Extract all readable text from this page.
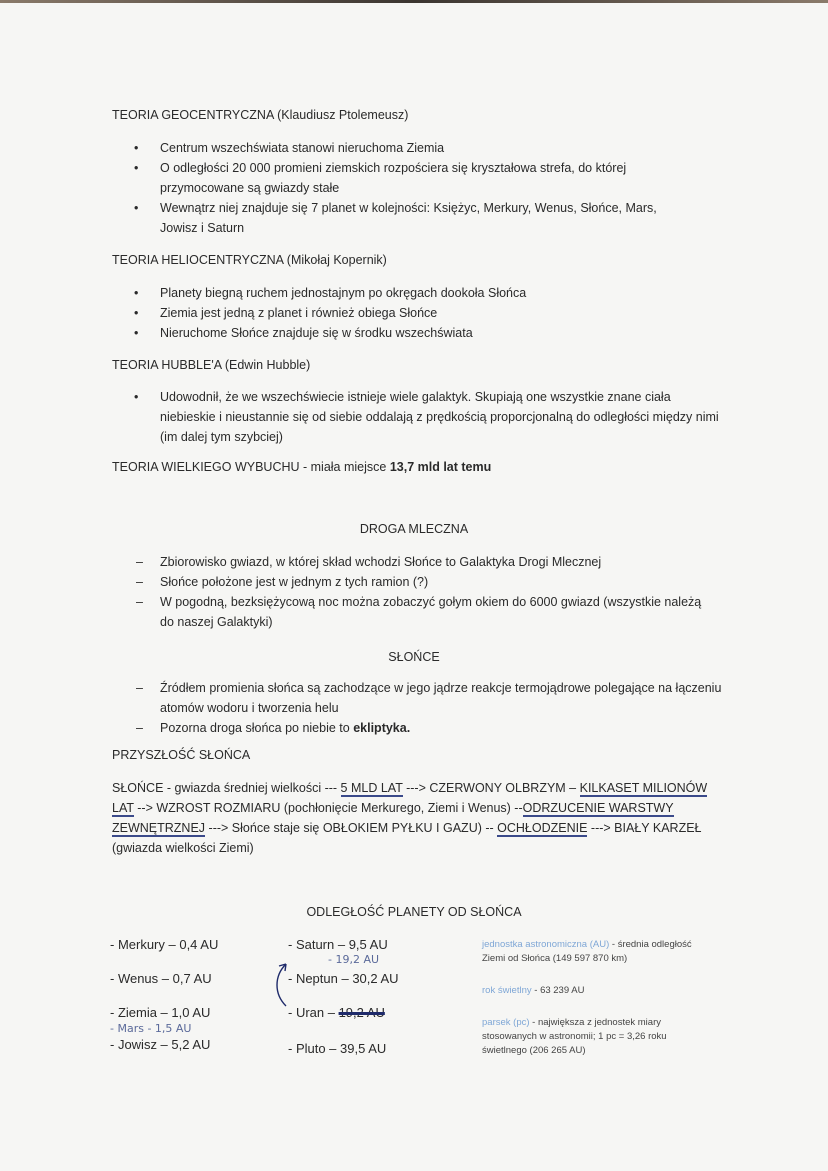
TEORIA GEOCENTRYCZNA (Klaudiusz Ptolemeusz)
• Centrum wszechświata stanowi nieruchoma Ziemia
• O odległości 20 000 promieni ziemskich rozpościera się kryształowa strefa, do której przymocowane są gwiazdy stałe
• Wewnątrz niej znajduje się 7 planet w kolejności: Księżyc, Merkury, Wenus, Słońce, Mars, Jowisz i Saturn
TEORIA HELIOCENTRYCZNA (Mikołaj Kopernik)
• Planety biegną ruchem jednostajnym po okręgach dookoła Słońca
• Ziemia jest jedną z planet i również obiega Słońce
• Nieruchome Słońce znajduje się w środku wszechświata
TEORIA HUBBLE'A (Edwin Hubble)
• Udowodnił, że we wszechświecie istnieje wiele galaktyk. Skupiają one wszystkie znane ciała niebieskie i nieustannie się od siebie oddalają z prędkością proporcjonalną do odległości między nimi (im dalej tym szybciej)
TEORIA WIELKIEGO WYBUCHU - miała miejsce 13,7 mld lat temu
DROGA MLECZNA
– Zbiorowisko gwiazd, w której skład wchodzi Słońce to Galaktyka Drogi Mlecznej
– Słońce położone jest w jednym z tych ramion (?)
– W pogodną, bezksiężycową noc można zobaczyć gołym okiem do 6000 gwiazd (wszystkie należą do naszej Galaktyki)
SŁOŃCE
– Źródłem promienia słońca są zachodzące w jego jądrze reakcje termojądrowe polegające na łączeniu atomów wodoru i tworzenia helu
– Pozorna droga słońca po niebie to ekliptyka.
PRZYSZŁOŚĆ SŁOŃCA
SŁOŃCE - gwiazda średniej wielkości --- 5 MLD LAT ---> CZERWONY OLBRZYM – KILKASET MILIONÓW LAT --> WZROST ROZMIARU (pochłonięcie Merkurego, Ziemi i Wenus) --ODRZUCENIE WARSTWY ZEWNĘTRZNEJ ---> Słońce staje się OBŁOKIEM PYŁKU I GAZU) -- OCHŁODZENIE ---> BIAŁY KARZEŁ (gwiazda wielkości Ziemi)
ODLEGŁOŚĆ PLANETY OD SŁOŃCA
- Merkury – 0,4 AU
- Wenus – 0,7 AU
- Ziemia – 1,0 AU
- Mars - 1,5 AU
- Jowisz – 5,2 AU
- Saturn – 9,5 AU
- 19,2 AU
- Neptun – 30,2 AU
- Uran – 19,2 AU
- Pluto – 39,5 AU
jednostka astronomiczna (AU) - średnia odległość Ziemi od Słońca (149 597 870 km)
rok świetlny - 63 239 AU
parsek (pc) - największa z jednostek miary stosowanych w astronomii; 1 pc = 3,26 roku świetlnego (206 265 AU)
